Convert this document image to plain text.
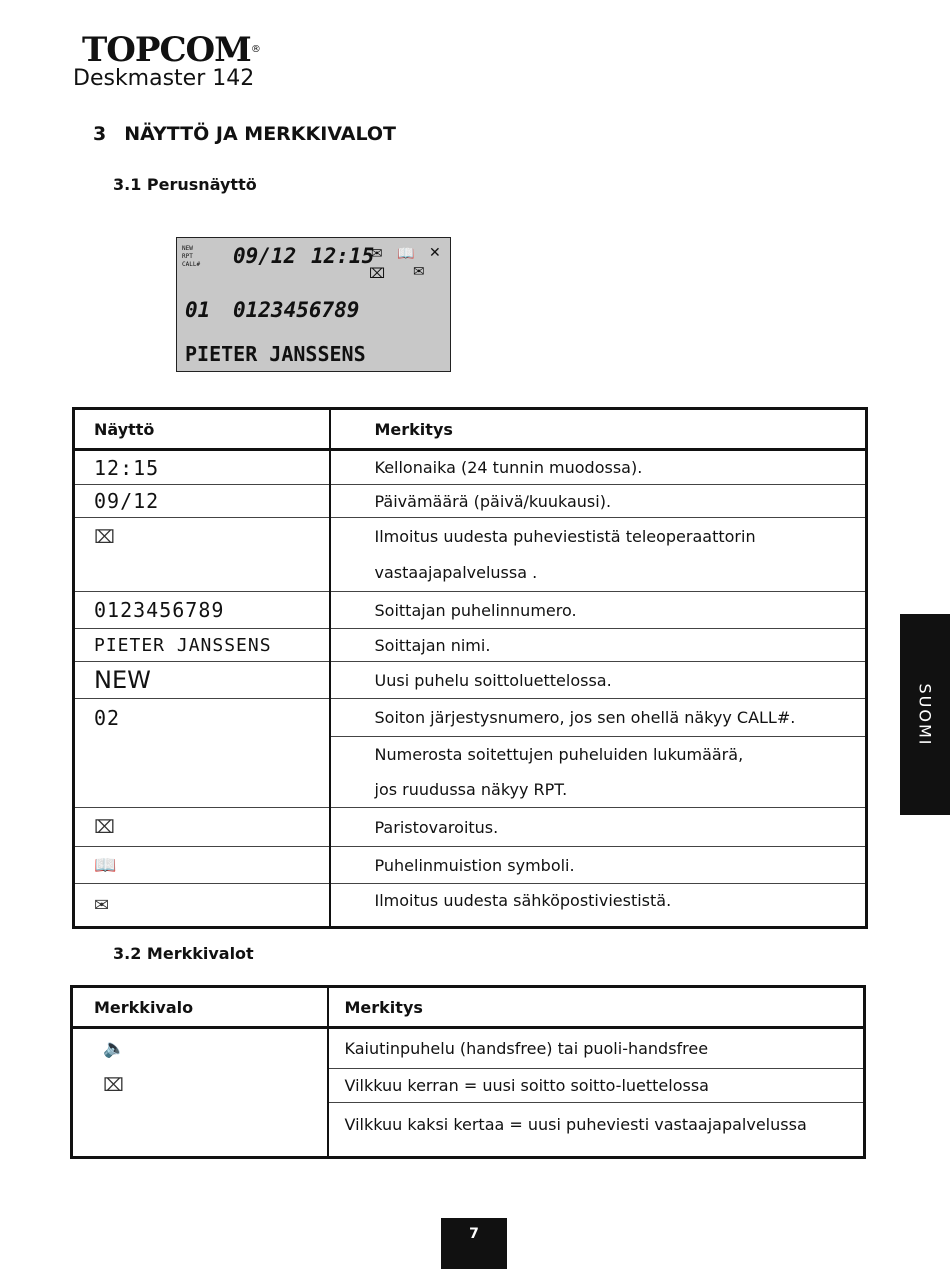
TOPCOM®
Deskmaster 142
3 NÄYTTÖ JA MERKKIVALOT
3.1 Perusnäyttö
NEW
RPT
CALL# 09/12 12:15
✉ 📖 ✕
⌧ ✉
01 0123456789
PIETER JANSSENS
Näyttö	Merkitys

12:15	Kellonaika (24 tunnin muodossa).

09/12	Päivämäärä (päivä/kuukausi).

⌧	Ilmoitus uudesta puheviestistä teleoperaattorin
vastaajapalvelussa .

0123456789	Soittajan puhelinnumero.

PIETER JANSSENS	Soittajan nimi.

NEW	Uusi puhelu soittoluettelossa.

02	Soiton järjestysnumero, jos sen ohellä näkyy CALL#.

	Numerosta soitettujen puheluiden lukumäärä,
jos ruudussa näkyy RPT.

⌧	Paristovaroitus.

📖	Puhelinmuistion symboli.

✉	Ilmoitus uudesta sähköpostiviestistä.
3.2 Merkkivalot
Merkkivalo	Merkitys

🔈	Kaiutinpuhelu (handsfree) tai puoli-handsfree

⌧	Vilkkuu kerran = uusi soitto soitto-luettelossa

	Vilkkuu kaksi kertaa = uusi puheviesti vastaajapalvelussa
SUOMI
7
